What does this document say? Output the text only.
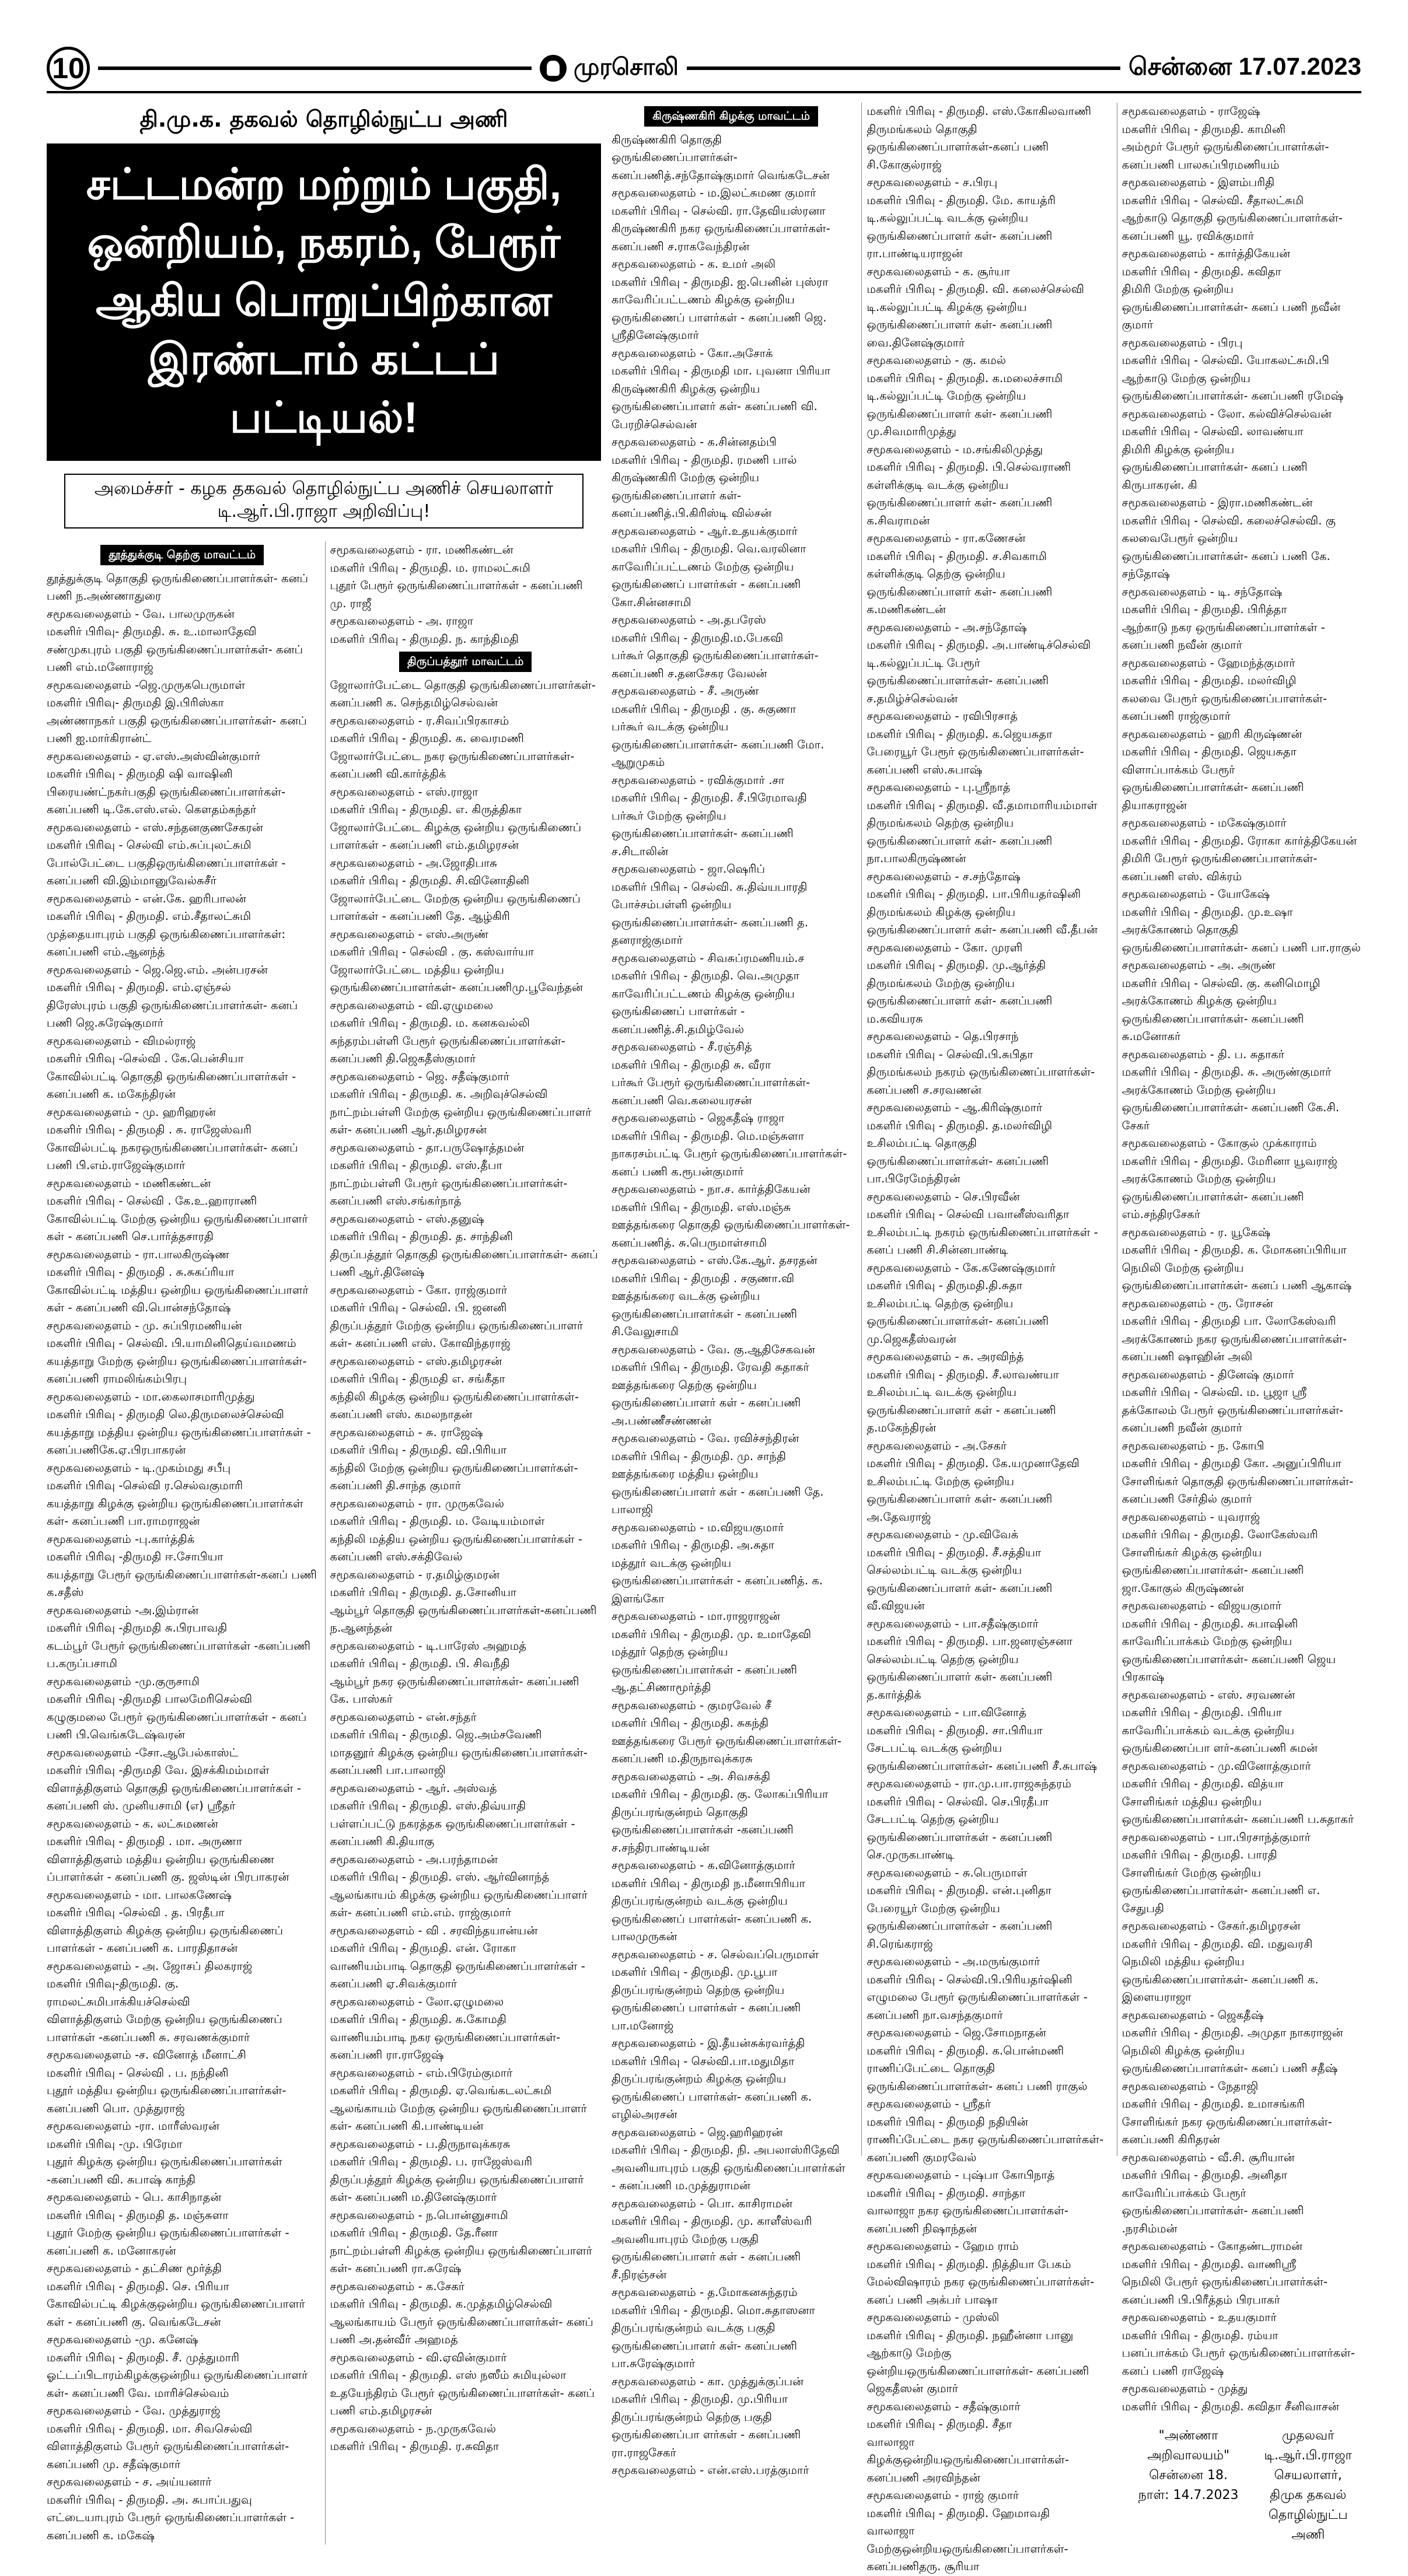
10	முரசொலி	சென்னை 17.07.2023
தி.மு.க. தகவல் தொழில்நுட்ப அணி
சட்டமன்ற மற்றும் பகுதி, ஒன்றியம், நகரம், பேரூர்
ஆகிய பொறுப்பிற்கான இரண்டாம் கட்டப் பட்டியல்!
அமைச்சர் - கழக தகவல் தொழில்நுட்ப அணிச் செயலாளர் டி.ஆர்.பி.ராஜா அறிவிப்பு!
தூத்துக்குடி தெற்கு மாவட்டம்
தூத்துக்குடி தொகுதி ஒருங்கிணைப்பாளர்கள்- கனப் பணி ந.அண்ணாதுரை
சமூகவலைதளம் - வே. பாலமுருகன்
மகளிர் பிரிவு- திருமதி. சு. உ.மாலாதேவி
சண்முகபுரம் பகுதி ஒருங்கிணைப்பாளர்கள்- கனப் பணி எம்.மனோராஜ்
சமூகவலைதளம் -ஜெ.முருகபெருமாள்
மகளிர் பிரிவு- திருமதி இ.பிரிஸ்கா
அண்ணாநகர் பகுதி ஒருங்கிணைப்பாளர்கள்- கனப் பணி ஐ.மார்கிரான்ட்
சமூகவலைதளம் - ஏ.எஸ்.அஸ்வின்குமார்
மகளிர் பிரிவு - திருமதி ஷி வாஷினி
பிரையண்ட்நகர்பகுதி ஒருங்கிணைப்பாளர்கள்- கனப்பணி டி.கே.எஸ்.எல். கௌதம்கந்தர்
சமூகவலைதளம் - எஸ்.சந்தனகுணசேகரன்
மகளிர் பிரிவு - செல்வி எம்.சுப்புலட்சுமி
போல்பேட்டை பகுதிஒருங்கிணைப்பாளர்கள் - கனப்பணி வி.இம்மானுவேல்சுசீர்
சமூகவலைதளம் - என்.கே. ஹரிபாலன்
மகளிர் பிரிவு - திருமதி. எம்.சீதாலட்சுமி
முத்தையாபுரம் பகுதி ஒருங்கிணைப்பாளர்கள்: கனப்பணி எம்.ஆனந்த்
சமூகவலைதளம் - ஜெ.ஜெ.எம். அன்பரசன்
மகளிர் பிரிவு - திருமதி. எம்.ஏஞ்சல்
திரேஸ்புரம் பகுதி ஒருங்கிணைப்பாளர்கள்- கனப் பணி ஜெ.சுரேஷ்குமார்
சமூகவலைதளம் - விமல்ராஜ்
மகளிர் பிரிவு -செல்வி . கே.பென்சியா
கோவில்பட்டி தொகுதி ஒருங்கிணைப்பாளர்கள் - கனப்பணி க. மகேந்திரன்
சமூகவலைதளம் - மு. ஹரிஹரன்
மகளிர் பிரிவு - திருமதி . சு. ராஜேஸ்வரி
கோவில்பட்டி நகரஒருங்கிணைப்பாளர்கள்- கனப் பணி பி.எம்.ராஜேஷ்குமார்
சமூகவலைதளம் - மணிகண்டன்
மகளிர் பிரிவு - செல்வி . கே.உ.ஹாராணி
கோவில்பட்டி மேற்கு ஒன்றிய ஒருங்கிணைப்பாளர் கள் - கனப்பணி செ.பார்த்தசாரதி
சமூகவலைதளம் - ரா.பாலகிருஷ்ண
மகளிர் பிரிவு - திருமதி . சு.சுகப்ரியா
கோவில்பட்டி மத்திய ஒன்றிய ஒருங்கிணைப்பாளர் கள் - கனப்பணி வி.பொன்சந்தோஷ்
சமூகவலைதளம் - மு. சுப்பிரமணியன்
மகளிர் பிரிவு - செல்வி. பி.யாமினிதெய்வமணம்
கயத்தாறு மேற்கு ஒன்றிய ஒருங்கிணைப்பாளர்கள்- கனப்பணி ராமலிங்கம்பிரபு
சமூகவலைதளம் - மா.கைலாசமாரிமுத்து
மகளிர் பிரிவு - திருமதி லெ.திருமலைச்செல்வி
கயத்தாறு மத்திய ஒன்றிய ஒருங்கிணைப்பாளர்கள் - கனப்பணிகே.ஏ.பிரபாகரன்
சமூகவலைதளம் - டி.முகம்மது சபீபு
மகளிர் பிரிவு -செல்வி ர.செல்வகுமாரி
கயத்தாறு கிழக்கு ஒன்றிய ஒருங்கிணைப்பாளர்கள் கள்- கனப்பணி பா.ராமராஜன்
சமூகவலைதளம் -பு.கார்த்திக்
மகளிர் பிரிவு -திருமதி ஈ.சோபியா
கயத்தாறு பேரூர் ஒருங்கிணைப்பாளர்கள்-கனப் பணி க.சதீஸ்
சமூகவலைதளம் -அ.இம்ரான்
மகளிர் பிரிவு -திருமதி சு.பிரபாவதி
கடம்பூர் பேரூர் ஒருங்கிணைப்பாளர்கள் -கனப்பணி ப.கருப்பசாமி
சமூகவலைதளம் -மு.குருசாமி
மகளிர் பிரிவு -திருமதி பாலமேரிசெல்வி
கழுகுமலை பேரூர் ஒருங்கிணைப்பாளர்கள் - கனப் பணி பி.வெங்கடேஷ்வரன்
சமூகவலைதளம் -சோ.ஆபேல்காஸ்ட்
மகளிர் பிரிவு -திருமதி வே. இசக்கிமம்மாள்
விளாத்திகுளம் தொகுதி ஒருங்கிணைப்பாளர்கள் - கனப்பணி ஸ். முனியசாமி (எ) ஸ்ரீதர்
சமூகவலைதளம் - க. லட்சுமணன்
மகளிர் பிரிவு - திருமதி . மா. அருணா
விளாத்திகுளம் மத்திய ஒன்றிய ஒருங்கிணை ப்பாளர்கள் - கனப்பணி கு. ஜஸ்டின் பிரபாகரன்
சமூகவலைதளம் - மா. பாலகணேஷ்
மகளிர் பிரிவு -செல்வி . த. பிரதீபா
விளாத்திகுளம் கிழக்கு ஒன்றிய ஒருங்கிணைப் பாளர்கள் - கனப்பணி க. பாரதிதாசன்
சமூகவலைதளம் - அ. ஜோசப் திலகராஜ்
மகளிர் பிரிவு-திருமதி. கு. ராமலட்சுமிபாக்கியச்செல்வி
விளாத்திகுளம் மேற்கு ஒன்றிய ஒருங்கிணைப் பாளர்கள் -கனப்பணி சு. சரவணக்குமார்
சமூகவலைதளம் -ச. வினோத் மீனாட்சி
மகளிர் பிரிவு - செல்வி . ப. நந்தினி
புதூர் மத்திய ஒன்றிய ஒருங்கிணைப்பாளர்கள்- கனப்பணி பொ. முத்துராஜ்
சமூகவலைதளம் -ரா. மாரீஸ்வரன்
மகளிர் பிரிவு -மு. பிரேமா
புதூர் கிழக்கு ஒன்றிய ஒருங்கிணைப்பாளர்கள் -கனப்பணி வி. சுபாஷ் காந்தி
சமூகவலைதளம் - பெ. காசிநாதன்
மகளிர் பிரிவு - திருமதி த. மஞ்சுளா
புதூர் மேற்கு ஒன்றிய ஒருங்கிணைப்பாளர்கள் - கனப்பணி க. மனோகரன்
சமூகவலைதளம் - தட்சிண மூர்த்தி
மகளிர் பிரிவு - திருமதி. செ. பிரியா
கோவில்பட்டி கிழக்குஒன்றிய ஒருங்கிணைப்பாளர் கள் - கனப்பணி கு. வெங்கடேசன்
சமூகவலைதளம் -மு. கனேஷ்
மகளிர் பிரிவு - திருமதி. சீ. முத்துமாரி
ஓட்டப்பிடாரம்கிழக்குஒன்றிய ஒருங்கிணைப்பாளர் கள்- கனப்பணி வே. மாரிச்செல்வம்
சமூகவலைதளம் - வே. முத்துராஜ்
மகளிர் பிரிவு - திருமதி. மா. சிவசெல்வி
விளாத்திகுளம் பேரூர் ஒருங்கிணைப்பாளர்கள்- கனப்பணி மு. சதீஷ்குமார்
சமூகவலைதளம் - ச. அய்யனார்
மகளிர் பிரிவு - திருமதி. அ. சுபாப்பதுவு
எட்டையாபுரம் பேரூர் ஒருங்கிணைப்பாளர்கள் - கனப்பணி க. மகேஷ்
சமூகவலைதளம் - ரா. மணிகண்டன்
மகளிர் பிரிவு - திருமதி. ம. ராமலட்சுமி
புதூர் பேரூர் ஒருங்கிணைப்பாளர்கள் - கனப்பணி மு. ராஜீ
சமூகவலைதளம் - அ. ராஜா
மகளிர் பிரிவு - திருமதி. ந. காந்திமதி
திருப்பத்தூர் மாவட்டம்
ஜோலார்பேட்டை தொகுதி ஒருங்கிணைப்பாளர்கள்- கனப்பணி க. செந்தமிழ்செல்வன்
சமூகவலைதளம் - ர.சிவப்பிரகாசம்
மகளிர் பிரிவு - திருமதி. க. வைரமணி
ஜோலார்பேட்டை நகர ஒருங்கிணைப்பாளர்கள்- கனப்பணி வி.கார்த்திக்
சமூகவலைதளம் - எஸ்.ராஜா
மகளிர் பிரிவு - திருமதி. எ. கிருத்திகா
ஜோலார்பேட்டை கிழக்கு ஒன்றிய ஒருங்கிணைப் பாளர்கள் - கனப்பணி எம்.தமிழரசன்
சமூகவலைதளம் - அ.ஜோதிபாசு
மகளிர் பிரிவு - திருமதி. சி.வினோதினி
ஜோலார்பேட்டை மேற்கு ஒன்றிய ஒருங்கிணைப் பாளர்கள் - கனப்பணி தே. ஆழ்கிரி
சமூகவலைதளம் - எஸ்.அருண்
மகளிர் பிரிவு - செல்வி . கு. கஸ்வார்யா
ஜோலார்பேட்டை மத்திய ஒன்றிய ஒருங்கிணைப்பாளர்கள்- கனப்பணிமு.பூவேந்தன்
சமூகவலைதளம் - வி.ஏழுமலை
மகளிர் பிரிவு - திருமதி. ம. கனகவல்லி
சுந்தரம்பள்ளி பேரூர் ஒருங்கிணைப்பாளர்கள்- கனப்பணி தி.ஜெகதீஸ்குமார்
சமூகவலைதளம் - ஜெ. சதீஷ்குமார்
மகளிர் பிரிவு - திருமதி. க. அறிவுச்செல்வி
நாட்றம்பள்ளி மேற்கு ஒன்றிய ஒருங்கிணைப்பாளர் கள்- கனப்பணி ஆர்.தமிழரசன்
சமூகவலைதளம் - தா.பருஷோத்தமன்
மகளிர் பிரிவு - திருமதி. எஸ்.தீபா
நாட்றம்பள்ளி பேரூர் ஒருங்கிணைப்பாளர்கள்- கனப்பணி எஸ்.சங்கர்நாத்
சமூகவலைதளம் - எஸ்.தனுஷ்
மகளிர் பிரிவு - திருமதி. த. சாந்தினி
திருப்பத்தூர் தொகுதி ஒருங்கிணைப்பாளர்கள்- கனப் பணி ஆர்.தினேஷ்
சமூகவலைதளம் - கோ. ராஜ்குமார்
மகளிர் பிரிவு - செல்வி. பி. ஜனனி
திருப்பத்தூர் மேற்கு ஒன்றிய ஒருங்கிணைப்பாளர் கள்- கனப்பணி எஸ். கோவிந்தராஜ்
சமூகவலைதளம் - எஸ்.தமிழரசன்
மகளிர் பிரிவு - திருமதி எ. சங்கீதா
கந்திலி கிழக்கு ஒன்றிய ஒருங்கிணைப்பாளர்கள்- கனப்பணி எஸ். கமலநாதன்
சமூகவலைதளம் - சு. ராஜேஷ்
மகளிர் பிரிவு - திருமதி. வி.பிரியா
கந்திலி மேற்கு ஒன்றிய ஒருங்கிணைப்பாளர்கள்- கனப்பணி தி.சாந்த குமார்
சமூகவலைதளம் - ரா. முருகவேல்
மகளிர் பிரிவு - திருமதி. ம. வேடியம்மாள்
கந்திலி மத்திய ஒன்றிய ஒருங்கிணைப்பாளர்கள் - கனப்பணி எஸ்.சக்திவேல்
சமூகவலைதளம் - ர.தமிழ்குமரன்
மகளிர் பிரிவு - திருமதி. த.சோனியா
ஆம்பூர் தொகுதி ஒருங்கிணைப்பாளர்கள்-கனப்பணி ந.ஆனந்தன்
சமூகவலைதளம் - டி.பாரேஸ் அஹமத்
மகளிர் பிரிவு - திருமதி. பி. சிவநீதி
ஆம்பூர் நகர ஒருங்கிணைப்பாளர்கள்- கனப்பணி கே. பாஸ்கர்
சமூகவலைதளம் - என்.சந்தர்
மகளிர் பிரிவு - திருமதி. ஜெ.அம்சவேணி
மாதனூர் கிழக்கு ஒன்றிய ஒருங்கிணைப்பாளர்கள்- கனப்பணி பா.பாலாஜி
சமூகவலைதளம் - ஆர். அஸ்வத்
மகளிர் பிரிவு - திருமதி. எஸ்.திவ்யாதி
பள்ளப்பட்டு நகரத்தக ஒருங்கிணைப்பாளர்கள் - கனப்பணி கி.தியாகு
சமூகவலைதளம் - அ.பரந்தாமன்
மகளிர் பிரிவு - திருமதி. எஸ். ஆர்வினாந்த்
ஆலங்காயம் கிழக்கு ஒன்றிய ஒருங்கிணைப்பாளர் கள்- கனப்பணி எம்.எம். ராஜ்குமார்
சமூகவலைதளம் - வி . சரவிந்தயான்யன்
மகளிர் பிரிவு - திருமதி. என். ரோகா
வாணியம்பாடி தொகுதி ஒருங்கிணைப்பாளர்கள் - கனப்பணி ஏ.சிவக்குமார்
சமூகவலைதளம் - லோ.ஏழுமலை
மகளிர் பிரிவு - திருமதி. க.கோமதி
வாணியம்பாடி நகர ஒருங்கிணைப்பாளர்கள்- கனப்பணி ரா.ராஜேஷ்
சமூகவலைதளம் - எம்.பிரேம்குமார்
மகளிர் பிரிவு - திருமதி. ஏ.வெங்கடலட்சுமி
ஆலங்காயம் மேற்கு ஒன்றிய ஒருங்கிணைப்பாளர் கள்- கனப்பணி கி.பாண்டியன்
சமூகவலைதளம் - ப.திருநாவுக்கரசு
மகளிர் பிரிவு - திருமதி. ப. ராஜேஸ்வரி
திருப்பத்தூர் கிழக்கு ஒன்றிய ஒருங்கிணைப்பாளர் கள்- கனப்பணி ம.தினேஷ்குமார்
சமூகவலைதளம் - ந.பொன்னுசாமி
மகளிர் பிரிவு - திருமதி. தே.ரீனா
நாட்றம்பள்ளி கிழக்கு ஒன்றிய ஒருங்கிணைப்பாளர் கள்- கனப்பணி ரா.சுரேஷ்
சமூகவலைதளம் - க.சேகர்
மகளிர் பிரிவு - திருமதி. க.முத்தமிழ்செல்வி
ஆலங்காயம் பேரூர் ஒருங்கிணைப்பாளர்கள்- கனப் பணி அ.தன்வீர் அஹமத்
சமூகவலைதளம் - வி.ஏவின்குமார்
மகளிர் பிரிவு - திருமதி. எஸ் நஸீம் சுமியுல்லா
உதயேந்திரம் பேரூர் ஒருங்கிணைப்பாளர்கள்- கனப் பணி எம்.தமிழரசன்
சமூகவலைதளம் - ந.முருகவேல்
மகளிர் பிரிவு - திருமதி. ர.சுவிதா
கிருஷ்ணகிரி கிழக்கு மாவட்டம்
கிருஷ்ணகிரி தொகுதி ஒருங்கிணைப்பாளர்கள்- கனப்பணித்.சந்தோஷ்குமார் வெங்கடேசன்
சமூகவலைதளம் - ம.இலட்சுமண குமார்
மகளிர் பிரிவு - செல்வி. ரா.தேவியஸ்ரனா
கிருஷ்ணகிரி நகர ஒருங்கிணைப்பாளர்கள்-கனப்பணி ச.ராகவேந்திரன்
சமூகவலைதளம் - க. உமர் அலி
மகளிர் பிரிவு - திருமதி. ஐ.பெனின் புஸ்ரா
காவேரிப்பட்டணம் கிழக்கு ஒன்றிய ஒருங்கிணைப் பாளர்கள் - கனப்பணி ஜெ. ஸ்ரீதினேஷ்குமார்
சமூகவலைதளம் - கோ.அசோக்
மகளிர் பிரிவு - திருமதி மா. புவனா பிரியா
கிருஷ்ணகிரி கிழக்கு ஒன்றிய ஒருங்கிணைப்பாளர் கள்- கனப்பணி வி. பேரறிச்செல்வன்
சமூகவலைதளம் - க.சின்னதம்பி
மகளிர் பிரிவு - திருமதி. ரமணி பால்
கிருஷ்ணகிரி மேற்கு ஒன்றிய ஒருங்கிணைப்பாளர் கள்- கனப்பணித்.பி.கிரிஸ்டி வில்சன்
சமூகவலைதளம் - ஆர்.உதயக்குமார்
மகளிர் பிரிவு - திருமதி. வெ.வரலினா
காவேரிப்பட்டணம் மேற்கு ஒன்றிய ஒருங்கிணைப் பாளர்கள் - கனப்பணி கோ.சின்னசாமி
சமூகவலைதளம் - அ.தபரேஸ்
மகளிர் பிரிவு - திருமதி.ம.பேகவி
பர்கூர் தொகுதி ஒருங்கிணைப்பாளர்கள்- கனப்பணி ச.தனசேகர வேலன்
சமூகவலைதளம் - சீ. அருண்
மகளிர் பிரிவு - திருமதி . கு. சுகுணா
பர்கூர் வடக்கு ஒன்றிய ஒருங்கிணைப்பாளர்கள்- கனப்பணி மோ. ஆறுமுகம்
சமூகவலைதளம் - ரவிக்குமார் .சா
மகளிர் பிரிவு - திருமதி. சீ.பிரேமாவதி
பர்கூர் மேற்கு ஒன்றிய ஒருங்கிணைப்பாளர்கள்- கனப்பணி ச.சிடாலின்
சமூகவலைதளம் - ஜா.ஷெரிப்
மகளிர் பிரிவு - செல்வி. சு.திவ்யபாரதி
போச்சம்பள்ளி ஒன்றிய ஒருங்கிணைப்பாளர்கள்- கனப்பணி த. தனராஜ்குமார்
சமூகவலைதளம் - சிவசுப்ரமணியம்.ச
மகளிர் பிரிவு - திருமதி. வெ.அமுதா
காவேரிப்பட்டணம் கிழக்கு ஒன்றிய ஒருங்கிணைப் பாளர்கள் - கனப்பணித்.சி.தமிழ்வேல்
சமூகவலைதளம் - சீ.ரஞ்சித்
மகளிர் பிரிவு - திருமதி சு. வீரா
பர்கூர் பேரூர் ஒருங்கிணைப்பாளர்கள்-கனப்பணி வெ.கலையரசன்
சமூகவலைதளம் - ஜெகதீஷ் ராஜா
மகளிர் பிரிவு - திருமதி. மெ.மஞ்சுளா
நாகரசம்பட்டி பேரூர் ஒருங்கிணைப்பாளர்கள்- கனப் பணி க.ரூபன்குமார்
சமூகவலைதளம் - நா.ச. கார்த்திகேயன்
மகளிர் பிரிவு - திருமதி. எஸ்.மஞ்சு
ஊத்தங்கரை தொகுதி ஒருங்கிணைப்பாளர்கள்- கனப்பணித். சு.பெருமாள்சாமி
சமூகவலைதளம் - எஸ்.கே.ஆர். தசரதன்
மகளிர் பிரிவு - திருமதி . சகுணா.வி
ஊத்தங்கரை வடக்கு ஒன்றிய ஒருங்கிணைப்பாளர்கள் - கனப்பணி சி.வேலுசாமி
சமூகவலைதளம் - வே. கு.ஆதிசேகவன்
மகளிர் பிரிவு - திருமதி. ரேவதி சுதாகர்
ஊத்தங்கரை தெற்கு ஒன்றிய ஒருங்கிணைப்பாளர் கள் - கனப்பணி அ.பண்ணீசண்ணன்
சமூகவலைதளம் - வே. ரவிச்சந்திரன்
மகளிர் பிரிவு - திருமதி. மு. சாந்தி
ஊத்தங்கரை மத்திய ஒன்றிய ஒருங்கிணைப்பாளர் கள் - கனப்பணி தே. பாலாஜி
சமூகவலைதளம் - ம.விஜயகுமார்
மகளிர் பிரிவு - திருமதி. அ.சுதா
மத்தூர் வடக்கு ஒன்றிய ஒருங்கிணைப்பாளர்கள் - கனப்பணித். க. இளங்கோ
சமூகவலைதளம் - மா.ராஜராஜன்
மகளிர் பிரிவு - திருமதி. மு. உமாதேவி
மத்தூர் தெற்கு ஒன்றிய ஒருங்கிணைப்பாளர்கள் - கனப்பணி ஆ.தட்சிணாமூர்த்தி
சமூகவலைதளம் - குமரவேல் சீ
மகளிர் பிரிவு - திருமதி. சுகந்தி
ஊத்தங்கரை பேரூர் ஒருங்கிணைப்பாளர்கள்- கனப்பணி ம.திருநாவுக்கரசு
சமூகவலைதளம் - அ. சிவசக்தி
மகளிர் பிரிவு - திருமதி. கு. லோகப்பிரியா
திருப்பரங்குன்றம் தொகுதி ஒருங்கிணைப்பாளர்கள் -கனப்பணி ச.சந்திரபாண்டியன்
சமூகவலைதளம் - க.வினோத்குமார்
மகளிர் பிரிவு - திருமதி ந.மீனாபிரியா
திருப்பரங்குன்றம் வடக்கு ஒன்றிய ஒருங்கிணைப் பாளர்கள்- கனப்பணி க. பாலமுருகன்
சமூகவலைதளம் - ச. செல்வப்பெருமாள்
மகளிர் பிரிவு - திருமதி. மு.பூபா
திருப்பரங்குன்றம் தெற்கு ஒன்றிய ஒருங்கிணைப் பாளர்கள் - கனப்பணி பா.மனோஜ்
சமூகவலைதளம் - இ.தீயன்சுக்ரவர்த்தி
மகளிர் பிரிவு - செல்வி.பா.மதுமிதா
திருப்பரங்குன்றம் கிழக்கு ஒன்றிய ஒருங்கிணைப் பாளர்கள்- கனப்பணி க. எழில்அரசன்
சமூகவலைதளம் - ஜெ.ஹரிஹரன்
மகளிர் பிரிவு - திருமதி. நி. அபலாஸ்ரிதேவி
அவனியாபுரம் பகுதி ஒருங்கிணைப்பாளர்கள் - கனப்பணி ம.முத்துராமன்
சமூகவலைதளம் - பொ. காசிராமன்
மகளிர் பிரிவு - திருமதி. மு. காளீஸ்வரி
அவனியாபுரம் மேற்கு பகுதி ஒருங்கிணைப்பாளர் கள் - கனப்பணி சீ.நிரஞ்சன்
சமூகவலைதளம் - த.மோகனசுந்தரம்
மகளிர் பிரிவு - திருமதி. மொ.சுதாஸனா
திருப்பரங்குன்றம் வடக்கு பகுதி ஒருங்கிணைப்பாளர் கள்- கனப்பணி பா.சுரேஷ்குமார்
சமூகவலைதளம் - கா. முத்துக்குப்பன்
மகளிர் பிரிவு - திருமதி. மு.பிரியா
திருப்பரங்குன்றம் தெற்கு பகுதி ஒருங்கிணைப்பா ளர்கள் - கனப்பணி ரா.ராஜசேகர்
சமூகவலைதளம் - என்.எஸ்.பரத்குமார்
மகளிர் பிரிவு - திருமதி. எஸ்.கோகிலவாணி
திருமங்கலம் தொகுதி ஒருங்கிணைப்பாளர்கள்-கனப் பணி சி.கோகுல்ராஜ்
சமூகவலைதளம் - ச.பிரபு
மகளிர் பிரிவு - திருமதி. மே. காயத்ரி
டி.கல்லுப்பட்டி வடக்கு ஒன்றிய ஒருங்கிணைப்பாளர் கள்- கனப்பணி ரா.பாண்டியராஜன்
சமூகவலைதளம் - க. சூர்யா
மகளிர் பிரிவு - திருமதி. வி. கலைச்செல்வி
டி.கல்லுப்பட்டி கிழக்கு ஒன்றிய ஒருங்கிணைப்பாளர் கள்- கனப்பணி வை.தினேஷ்குமார்
சமூகவலைதளம் - கு. கமல்
மகளிர் பிரிவு - திருமதி. க.மலைச்சாமி
டி.கல்லுப்பட்டி மேற்கு ஒன்றிய ஒருங்கிணைப்பாளர் கள்- கனப்பணி மு.சிவமாரிமுத்து
சமூகவலைதளம் - ம.சங்கிலிமுத்து
மகளிர் பிரிவு - திருமதி. பி.செல்வராணி
கள்ளிக்குடி வடக்கு ஒன்றிய ஒருங்கிணைப்பாளர் கள்- கனப்பணி க.சிவராமன்
சமூகவலைதளம் - ரா.கணேசன்
மகளிர் பிரிவு - திருமதி. ச.சிவகாமி
கள்ளிக்குடி தெற்கு ஒன்றிய ஒருங்கிணைப்பாளர் கள்- கனப்பணி க.மணிகண்டன்
சமூகவலைதளம் - அ.சந்தோஷ்
மகளிர் பிரிவு - திருமதி. அ.பாண்டிச்செல்வி
டி.கல்லுப்பட்டி பேரூர் ஒருங்கிணைப்பாளர்கள்- கனப்பணி ச.தமிழ்ச்செல்வன்
சமூகவலைதளம் - ரவிபிரசாத்
மகளிர் பிரிவு - திருமதி. க.ஜெயசுதா
பேரையூர் பேரூர் ஒருங்கிணைப்பாளர்கள்-கனப்பணி எஸ்.சுபாஷ்
சமூகவலைதளம் - பு.ஸ்ரீநாத்
மகளிர் பிரிவு - திருமதி. வீ.தமாமாரியம்மாள்
திருமங்கலம் தெற்கு ஒன்றிய ஒருங்கிணைப்பாளர் கள்- கனப்பணி நா.பாலகிருஷ்ணன்
சமூகவலைதளம் - ச.சந்தோஷ்
மகளிர் பிரிவு - திருமதி. பா.பிரியதர்ஷினி
திருமங்கலம் கிழக்கு ஒன்றிய ஒருங்கிணைப்பாளர் கள்- கனப்பணி வீ.தீபன்
சமூகவலைதளம் - கோ. முரளி
மகளிர் பிரிவு - திருமதி. மு.ஆர்த்தி
திருமங்கலம் மேற்கு ஒன்றிய ஒருங்கிணைப்பாளர் கள்- கனப்பணி ம.கவியரசு
சமூகவலைதளம் - தெ.பிரசாந்
மகளிர் பிரிவு - செல்வி.பி.சுபிதா
திருமங்கலம் நகரம் ஒருங்கிணைப்பாளர்கள்-கனப்பணி ச.சரவணன்
சமூகவலைதளம் - ஆ.கிரிஷ்குமார்
மகளிர் பிரிவு - திருமதி. த.மலர்விழி
உசிலம்பட்டி தொகுதி ஒருங்கிணைப்பாளர்கள்- கனப்பணி பா.பிரேமேந்திரன்
சமூகவலைதளம் - செ.பிரவீன்
மகளிர் பிரிவு - செல்வி பவானீஸ்வரிதா
உசிலம்பட்டி நகரம் ஒருங்கிணைப்பாளர்கள் - கனப் பணி சி.சின்னபாண்டி
சமூகவலைதளம் - கே.கணேஷ்குமார்
மகளிர் பிரிவு - திருமதி.தி.சுதா
உசிலம்பட்டி தெற்கு ஒன்றிய ஒருங்கிணைப்பாளர்கள்- கனப்பணி மு.ஜெகதீஸ்வரன்
சமூகவலைதளம் - சு. அரவிந்த்
மகளிர் பிரிவு - திருமதி. சீ.லாவண்யா
உசிலம்பட்டி வடக்கு ஒன்றிய ஒருங்கிணைப்பாளர் கள் - கனப்பணி த.மகேந்திரன்
சமூகவலைதளம் - அ.சேகர்
மகளிர் பிரிவு - திருமதி. கே.யமுனாதேவி
உசிலம்பட்டி மேற்கு ஒன்றிய ஒருங்கிணைப்பாளர் கள்- கனப்பணி அ.தேவராஜ்
சமூகவலைதளம் - மு.விவேக்
மகளிர் பிரிவு - திருமதி. சீ.சத்தியா
செல்லம்பட்டி வடக்கு ஒன்றிய ஒருங்கிணைப்பாளர் கள்- கனப்பணி வீ.விஜயன்
சமூகவலைதளம் - பா.சதீஷ்குமார்
மகளிர் பிரிவு - திருமதி. பா.ஜனரஞ்சனா
செல்லம்பட்டி தெற்கு ஒன்றிய ஒருங்கிணைப்பாளர் கள்- கனப்பணி த.கார்த்திக்
சமூகவலைதளம் - பா.வினோத்
மகளிர் பிரிவு - திருமதி. சா.பிரியா
சேடபட்டி வடக்கு ஒன்றிய ஒருங்கிணைப்பாளர்கள்- கனப்பணி சீ.சுபாஷ்
சமூகவலைதளம் - ரா.மு.பா.ராஜசுந்தரம்
மகளிர் பிரிவு - செல்வி. செ.பிரதீபா
சேடபட்டி தெற்கு ஒன்றிய ஒருங்கிணைப்பாளர்கள் - கனப்பணி செ.முருகபாண்டி
சமூகவலைதளம் - சு.பெருமாள்
மகளிர் பிரிவு - திருமதி. என்.புனிதா
பேரையூர் மேற்கு ஒன்றிய ஒருங்கிணைப்பாளர்கள் - கனப்பணி சி.ரெங்கராஜ்
சமூகவலைதளம் - அ.மருங்குமார்
மகளிர் பிரிவு - செல்வி.பி.பிரியதர்ஷினி
எழுமலை பேரூர் ஒருங்கிணைப்பாளர்கள் - கனப்பணி நா.வசந்தகுமார்
சமூகவலைதளம் - ஜெ.சோமநாதன்
மகளிர் பிரிவு - திருமதி. க.பொன்மணி
ராணிப்பேட்டை தொகுதி ஒருங்கிணைப்பாளர்கள்- கனப் பணி ராகுல்
சமூகவலைதளம் - ஸ்ரீதர்
மகளிர் பிரிவு - திருமதி நதியின்
ராணிப்பேட்டை நகர ஒருங்கிணைப்பாளர்கள்- கனப்பணி குமரவேல்
சமூகவலைதளம் - புஷ்பா கோபிநாத்
மகளிர் பிரிவு - திருமதி. சாந்தா
வாலாஜா நகர ஒருங்கிணைப்பாளர்கள்- கனப்பணி நிஷாந்தன்
சமூகவலைதளம் - ஹேம ராம்
மகளிர் பிரிவு - திருமதி. நித்தியா பேகம்
மேல்விஷாரம் நகர ஒருங்கிணைப்பாளர்கள்- கனப் பணி அக்பர் பாஷா
சமூகவலைதளம் - முஸ்லி
மகளிர் பிரிவு - திருமதி. நஹீன்னா பானு
ஆற்காடு மேற்கு ஒன்றியஒருங்கிணைப்பாளர்கள்- கனப்பணி ஜெகதீஸன் குமார்
சமூகவலைதளம் - சதீஷ்குமார்
மகளிர் பிரிவு - திருமதி. சீதா
வாலாஜா கிழக்குஒன்றியஒருங்கிணைப்பாளர்கள்- கனப்பணி அரவிந்தன்
சமூகவலைதளம் - ராஜ் குமார்
மகளிர் பிரிவு - திருமதி. ஹேமாவதி
வாலாஜா மேற்குஒன்றியஒருங்கிணைப்பாளர்கள்- கனப்பணிதரு. சூரியா
சமூகவலைதளம் - ராஜேஷ்
மகளிர் பிரிவு - திருமதி. காமினி
அம்மூர் பேரூர் ஒருங்கிணைப்பாளர்கள்- கனப்பணி பாலசுப்பிரமணியம்
சமூகவலைதளம் - இளம்பரிதி
மகளிர் பிரிவு - செல்வி. சீதாலட்சுமி
ஆற்காடு தொகுதி ஒருங்கிணைப்பாளர்கள்- கனப்பணி யூ. ரவிக்குமார்
சமூகவலைதளம் - கார்த்திகேயன்
மகளிர் பிரிவு - திருமதி. கவிதா
திமிரி மேற்கு ஒன்றிய ஒருங்கிணைப்பாளர்கள்- கனப் பணி நவீன் குமார்
சமூகவலைதளம் - பிரபு
மகளிர் பிரிவு - செல்வி. யோகலட்சுமி.பி
ஆற்காடு மேற்கு ஒன்றிய ஒருங்கிணைப்பாளர்கள்- கனப்பணி ரமேஷ்
சமூகவலைதளம் - லோ. கல்விச்செல்வன்
மகளிர் பிரிவு - செல்வி. லாவண்யா
திமிரி கிழக்கு ஒன்றிய ஒருங்கிணைப்பாளர்கள்- கனப் பணி கிருபாகரன். கி
சமூகவலைதளம் - இரா.மணிகண்டன்
மகளிர் பிரிவு - செல்வி. கலைச்செல்வி. கு
கலவைபேரூர் ஒன்றிய ஒருங்கிணைப்பாளர்கள்- கனப் பணி கே. சந்தோஷ்
சமூகவலைதளம் - டி. சந்தோஷ்
மகளிர் பிரிவு - திருமதி. பிரித்தா
ஆற்காடு நகர ஒருங்கிணைப்பாளர்கள் - கனப்பணி நவீன் குமார்
சமூகவலைதளம் - ஹேமந்த்குமார்
மகளிர் பிரிவு - திருமதி. மலர்விழி
கலவை பேரூர் ஒருங்கிணைப்பாளர்கள்- கனப்பணி ராஜ்குமார்
சமூகவலைதளம் - ஹரி கிருஷ்ணன்
மகளிர் பிரிவு - திருமதி. ஜெயசுதா
விளாப்பாக்கம் பேரூர் ஒருங்கிணைப்பாளர்கள்- கனப்பணி தியாகராஜன்
சமூகவலைதளம் - மகேஷ்குமார்
மகளிர் பிரிவு - திருமதி. ரோகா கார்த்திகேயன்
திமிரி பேரூர் ஒருங்கிணைப்பாளர்கள்- கனப்பணி எஸ். விக்ரம்
சமூகவலைதளம் - யோகேஷ்
மகளிர் பிரிவு - திருமதி. மு.உஷா
அரக்கோணம் தொகுதி ஒருங்கிணைப்பாளர்கள்- கனப் பணி பா.ராகுல்
சமூகவலைதளம் - அ. அருண்
மகளிர் பிரிவு - செல்வி. கு. கனிமொழி
அரக்கோணம் கிழக்கு ஒன்றிய ஒருங்கிணைப்பாளர்கள்- கனப்பணி சு.மனோகர்
சமூகவலைதளம் - தி. ப. சுதாகர்
மகளிர் பிரிவு - திருமதி. சு. அருண்குமார்
அரக்கோணம் மேற்கு ஒன்றிய ஒருங்கிணைப்பாளர்கள்- கனப்பணி கே.சி. சேகர்
சமூகவலைதளம் - கோகுல் முக்காராம்
மகளிர் பிரிவு - திருமதி. மேரினா யூவராஜ்
அரக்கோணம் மேற்கு ஒன்றிய ஒருங்கிணைப்பாளர்கள்- கனப்பணி எம்.சந்திரசேகர்
சமூகவலைதளம் - ர. யூகேஷ்
மகளிர் பிரிவு - திருமதி. க. மோகனப்பிரியா
நெமிலி மேற்கு ஒன்றிய ஒருங்கிணைப்பாளர்கள்- கனப் பணி ஆகாஷ்
சமூகவலைதளம் - ரு. ரோசன்
மகளிர் பிரிவு - திருமதி பா. லோகேஸ்வரி
அரக்கோணம் நகர ஒருங்கிணைப்பாளர்கள்- கனப்பணி ஷாஹின் அலி
சமூகவலைதளம் - தினேஷ் குமார்
மகளிர் பிரிவு - செல்வி. ம. பூஜா ஸ்ரீ
தக்கோலம் பேரூர் ஒருங்கிணைப்பாளர்கள்- கனப்பணி நவீன் குமார்
சமூகவலைதளம் - ந. கோபி
மகளிர் பிரிவு - திருமதி கோ. அனுப்பிரியா
சோளிங்கர் தொகுதி ஒருங்கிணைப்பாளர்கள்- கனப்பணி சேர்தில் குமார்
சமூகவலைதளம் - யுவராஜ்
மகளிர் பிரிவு - திருமதி. லோகேஸ்வரி
சோளிங்கர் கிழக்கு ஒன்றிய ஒருங்கிணைப்பாளர்கள்- கனப்பணி ஜா.கோகுல் கிருஷ்ணன்
சமூகவலைதளம் - விஜயகுமார்
மகளிர் பிரிவு - திருமதி. சுபாஷினி
காவேரிப்பாக்கம் மேற்கு ஒன்றிய ஒருங்கிணைப்பாளர்கள்- கனப்பணி ஜெய பிரகாஷ்
சமூகவலைதளம் - எஸ். சரவணன்
மகளிர் பிரிவு - திருமதி. பிரியா
காவேரிப்பாக்கம் வடக்கு ஒன்றிய ஒருங்கிணைப்பா ளர்-கனப்பணி சுமன்
சமூகவலைதளம் - மு.வினோத்குமார்
மகளிர் பிரிவு - திருமதி. வித்யா
சோளிங்கர் மத்திய ஒன்றிய ஒருங்கிணைப்பாளர்கள்- கனப்பணி ப.சுதாகர்
சமூகவலைதளம் - பா.பிரசாந்த்குமார்
மகளிர் பிரிவு - திருமதி. பாரதி
சோளிங்கர் மேற்கு ஒன்றிய ஒருங்கிணைப்பாளர்கள்- கனப்பணி எ. சேதுபதி
சமூகவலைதளம் - சேகர்.தமிழரசன்
மகளிர் பிரிவு - திருமதி. வி. மதுவரசி
நெமிலி மத்திய ஒன்றிய ஒருங்கிணைப்பாளர்கள்- கனப்பணி க. இளையராஜா
சமூகவலைதளம் - ஜெகதீஷ்
மகளிர் பிரிவு - திருமதி. அமுதா நாகராஜன்
நெமிலி கிழக்கு ஒன்றிய ஒருங்கிணைப்பாளர்கள்- கனப் பணி சதீஷ்
சமூகவலைதளம் - நேதாஜி
மகளிர் பிரிவு - திருமதி. உமாசங்கரி
சோளிங்கர் நகர ஒருங்கிணைப்பாளர்கள்- கனப்பணி கிரிதரன்
சமூகவலைதளம் - வீ.சி. சூரியான்
மகளிர் பிரிவு - திருமதி. அனிதா
காவேரிப்பாக்கம் பேரூர் ஒருங்கிணைப்பாளர்கள்- கனப்பணி .நரசிம்மன்
சமூகவலைதளம் - கோதண்டராமன்
மகளிர் பிரிவு - திருமதி. வாணிஸ்ரீ
நெமிலி பேரூர் ஒருங்கிணைப்பாளர்கள்- கனப்பணி பி.பிரீத்தம் பிரபாகர்
சமூகவலைதளம் - உதயகுமார்
மகளிர் பிரிவு - திருமதி. ரம்யா
பனப்பாக்கம் பேரூர் ஒருங்கிணைப்பாளர்கள்- கனப் பணி ராஜேஷ்
சமூகவலைதளம் - முத்து
மகளிர் பிரிவு - திருமதி. கவிதா சீனிவாசன்
"அண்ணா அறிவாலயம்"
சென்னை 18.
நாள்: 14.7.2023
முதலவர்
டி.ஆர்.பி.ராஜா
செயலாளர்,
திமுக தகவல்
தொழில்நுட்ப அணி
